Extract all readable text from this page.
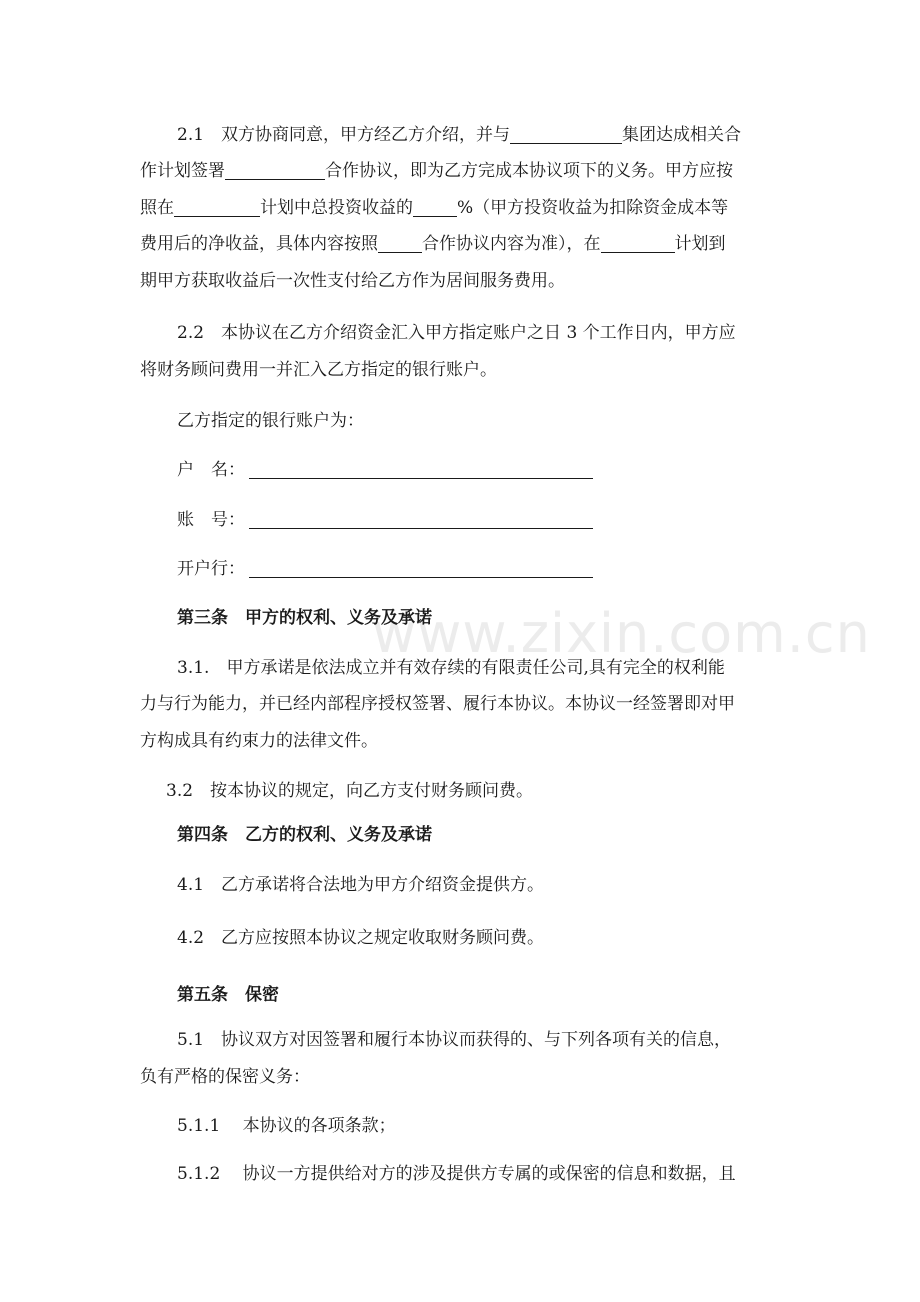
www.zixin.com.cn
2.1　双方协商同意，甲方经乙方介绍，并与	集团达成相关合
作计划签署	合作协议，即为乙方完成本协议项下的义务。甲方应按
照在	计划中总投资收益的	%（甲方投资收益为扣除资金成本等
费用后的净收益，具体内容按照	合作协议内容为准），在	计划到
期甲方获取收益后一次性支付给乙方作为居间服务费用。
2.2　本协议在乙方介绍资金汇入甲方指定账户之日 3 个工作日内，甲方应
将财务顾问费用一并汇入乙方指定的银行账户。
乙方指定的银行账户为：
户　名：
账　号：
开户行：
第三条　甲方的权利、义务及承诺
3.1.　甲方承诺是依法成立并有效存续的有限责任公司,具有完全的权利能
力与行为能力，并已经内部程序授权签署、履行本协议。本协议一经签署即对甲
方构成具有约束力的法律文件。
3.2　按本协议的规定，向乙方支付财务顾问费。
第四条　乙方的权利、义务及承诺
4.1　乙方承诺将合法地为甲方介绍资金提供方。
4.2　乙方应按照本协议之规定收取财务顾问费。
第五条　保密
5.1　协议双方对因签署和履行本协议而获得的、与下列各项有关的信息，
负有严格的保密义务：
5.1.1　 本协议的各项条款；
5.1.2　 协议一方提供给对方的涉及提供方专属的或保密的信息和数据，且
